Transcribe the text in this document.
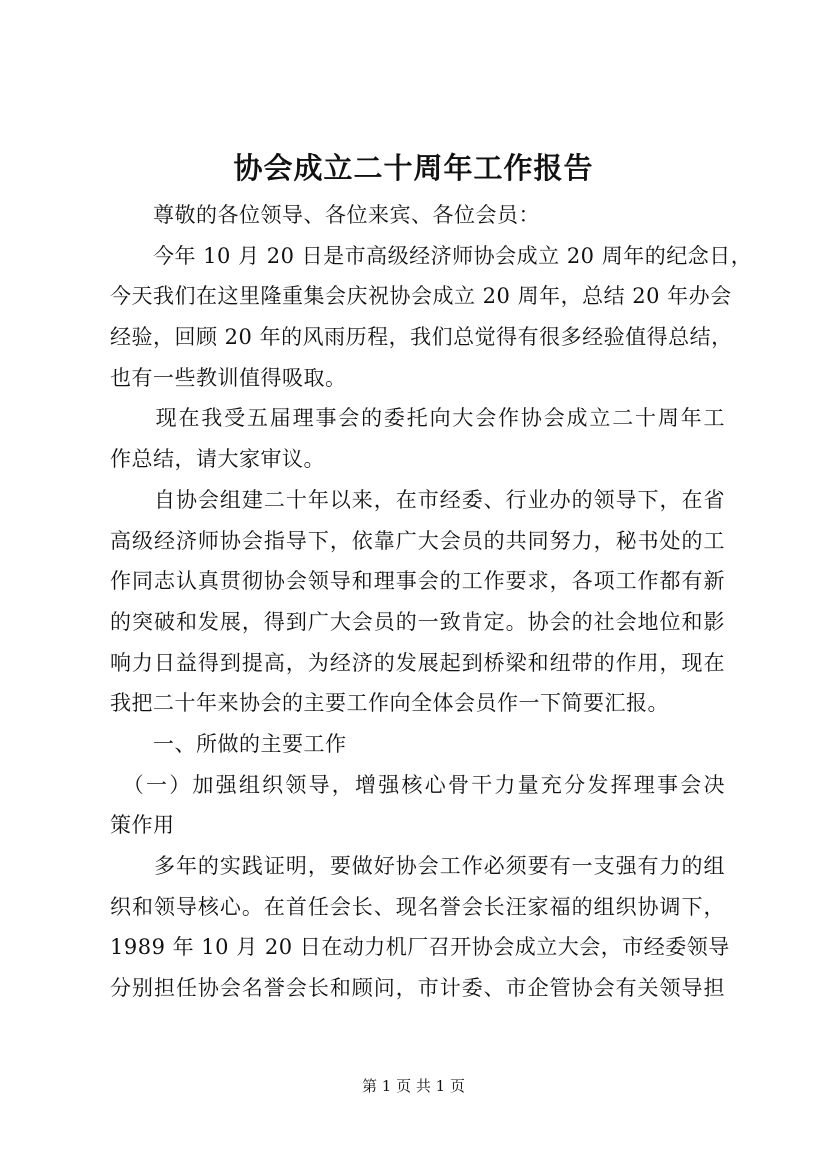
协会成立二十周年工作报告
　　尊敬的各位领导、各位来宾、各位会员：
　　今年 10 月 20 日是市高级经济师协会成立 20 周年的纪念日，
今天我们在这里隆重集会庆祝协会成立 20 周年，总结 20 年办会
经验，回顾 20 年的风雨历程，我们总觉得有很多经验值得总结，
也有一些教训值得吸取。
　　现在我受五届理事会的委托向大会作协会成立二十周年工
作总结，请大家审议。
　　自协会组建二十年以来，在市经委、行业办的领导下，在省
高级经济师协会指导下，依靠广大会员的共同努力，秘书处的工
作同志认真贯彻协会领导和理事会的工作要求，各项工作都有新
的突破和发展，得到广大会员的一致肯定。协会的社会地位和影
响力日益得到提高，为经济的发展起到桥梁和纽带的作用，现在
我把二十年来协会的主要工作向全体会员作一下简要汇报。
　　一、所做的主要工作
　（一）加强组织领导，增强核心骨干力量充分发挥理事会决
策作用
　　多年的实践证明，要做好协会工作必须要有一支强有力的组
织和领导核心。在首任会长、现名誉会长汪家福的组织协调下，
1989 年 10 月 20 日在动力机厂召开协会成立大会，市经委领导
分别担任协会名誉会长和顾问，市计委、市企管协会有关领导担
第 1 页 共 1 页
